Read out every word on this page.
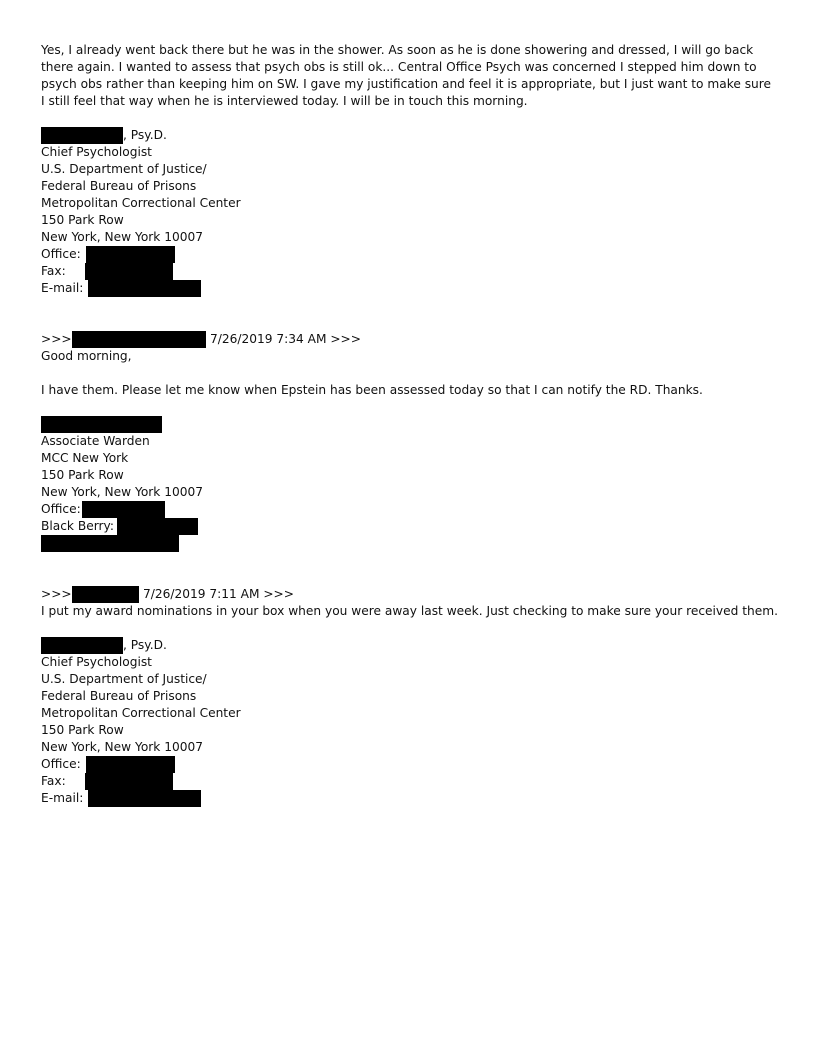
Yes, I already went back there but he was in the shower. As soon as he is done showering and dressed, I will go back there again. I wanted to assess that psych obs is still ok... Central Office Psych was concerned I stepped him down to psych obs rather than keeping him on SW. I gave my justification and feel it is appropriate, but I just want to make sure I still feel that way when he is interviewed today. I will be in touch this morning.

, Psy.D.
Chief Psychologist
U.S. Department of Justice/
Federal Bureau of Prisons
Metropolitan Correctional Center
150 Park Row
New York, New York 10007
Office:
Fax:
E-mail:
>>>	7/26/2019 7:34 AM >>>
Good morning,
I have them. Please let me know when Epstein has been assessed today so that I can notify the RD. Thanks.
Associate Warden
MCC New York
150 Park Row
New York, New York 10007
Office:
Black Berry:
>>>	7/26/2019 7:11 AM >>>
I put my award nominations in your box when you were away last week. Just checking to make sure your received them.
, Psy.D.
Chief Psychologist
U.S. Department of Justice/
Federal Bureau of Prisons
Metropolitan Correctional Center
150 Park Row
New York, New York 10007
Office:
Fax:
E-mail:
